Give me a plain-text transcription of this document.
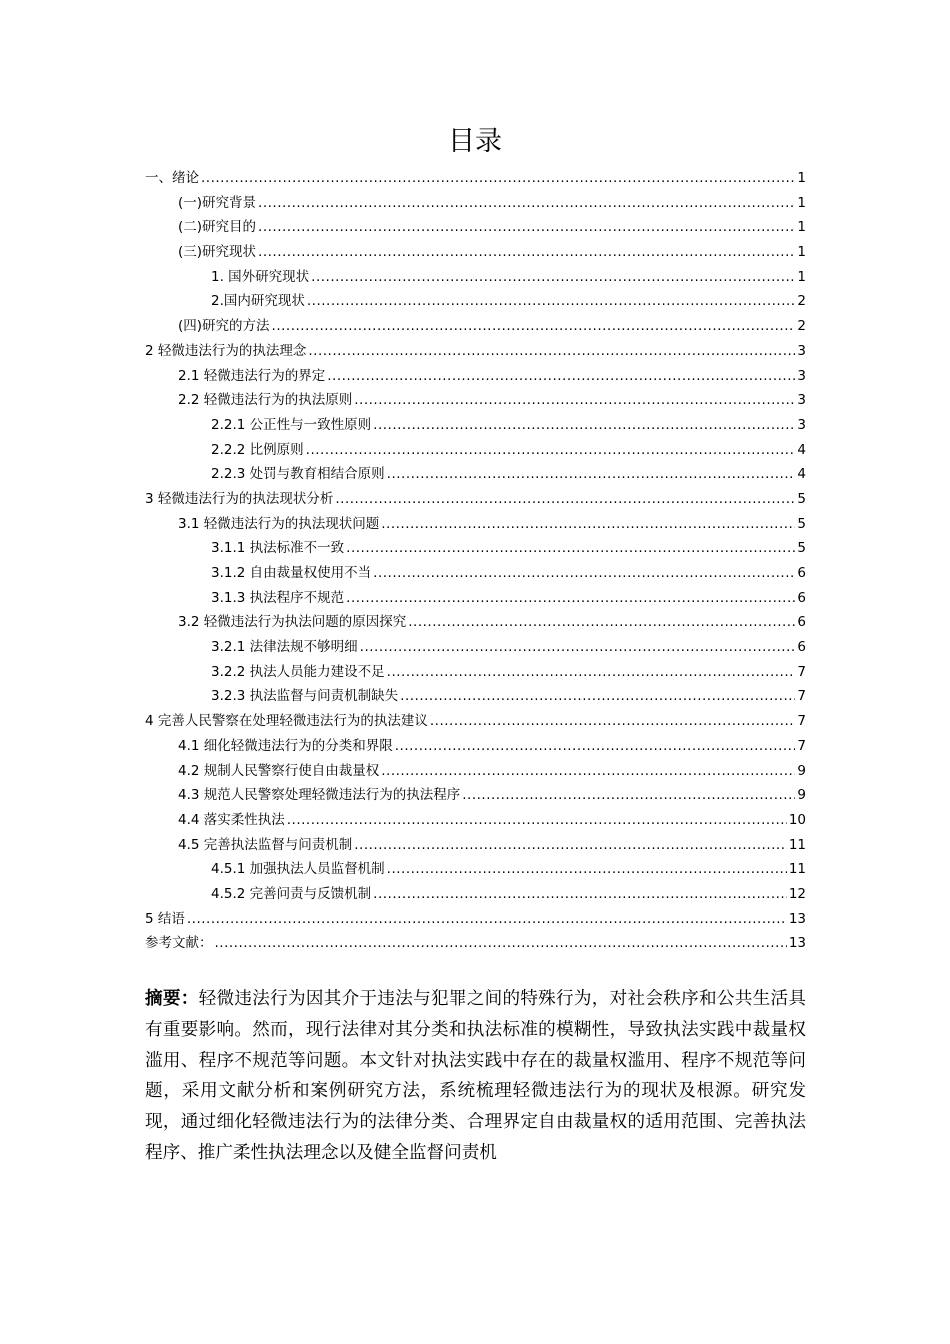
目录
一、绪论 .....	1
(一)研究背景 .....	1
(二)研究目的 .....	1
(三)研究现状 .....	1
1. 国外研究现状 .....	1
2.国内研究现状 .....	2
(四)研究的方法 .....	2
2 轻微违法行为的执法理念 .....	3
2.1 轻微违法行为的界定 .....	3
2.2 轻微违法行为的执法原则 .....	3
2.2.1 公正性与一致性原则 .....	3
2.2.2 比例原则 .....	4
2.2.3 处罚与教育相结合原则 .....	4
3 轻微违法行为的执法现状分析 .....	5
3.1 轻微违法行为的执法现状问题 .....	5
3.1.1 执法标准不一致 .....	5
3.1.2 自由裁量权使用不当 .....	6
3.1.3 执法程序不规范 .....	6
3.2 轻微违法行为执法问题的原因探究 .....	6
3.2.1 法律法规不够明细 .....	6
3.2.2 执法人员能力建设不足 .....	7
3.2.3 执法监督与问责机制缺失 .....	7
4 完善人民警察在处理轻微违法行为的执法建议 .....	7
4.1 细化轻微违法行为的分类和界限 .....	7
4.2 规制人民警察行使自由裁量权 .....	9
4.3 规范人民警察处理轻微违法行为的执法程序 .....	9
4.4 落实柔性执法 .....	10
4.5 完善执法监督与问责机制 .....	11
4.5.1 加强执法人员监督机制 .....	11
4.5.2 完善问责与反馈机制 .....	12
5 结语 .....	13
参考文献： .....	13
摘要：轻微违法行为因其介于违法与犯罪之间的特殊行为，对社会秩序和公共生活具有重要影响。然而，现行法律对其分类和执法标准的模糊性，导致执法实践中裁量权滥用、程序不规范等问题。本文针对执法实践中存在的裁量权滥用、程序不规范等问题，采用文献分析和案例研究方法，系统梳理轻微违法行为的现状及根源。研究发现，通过细化轻微违法行为的法律分类、合理界定自由裁量权的适用范围、完善执法程序、推广柔性执法理念以及健全监督问责机
